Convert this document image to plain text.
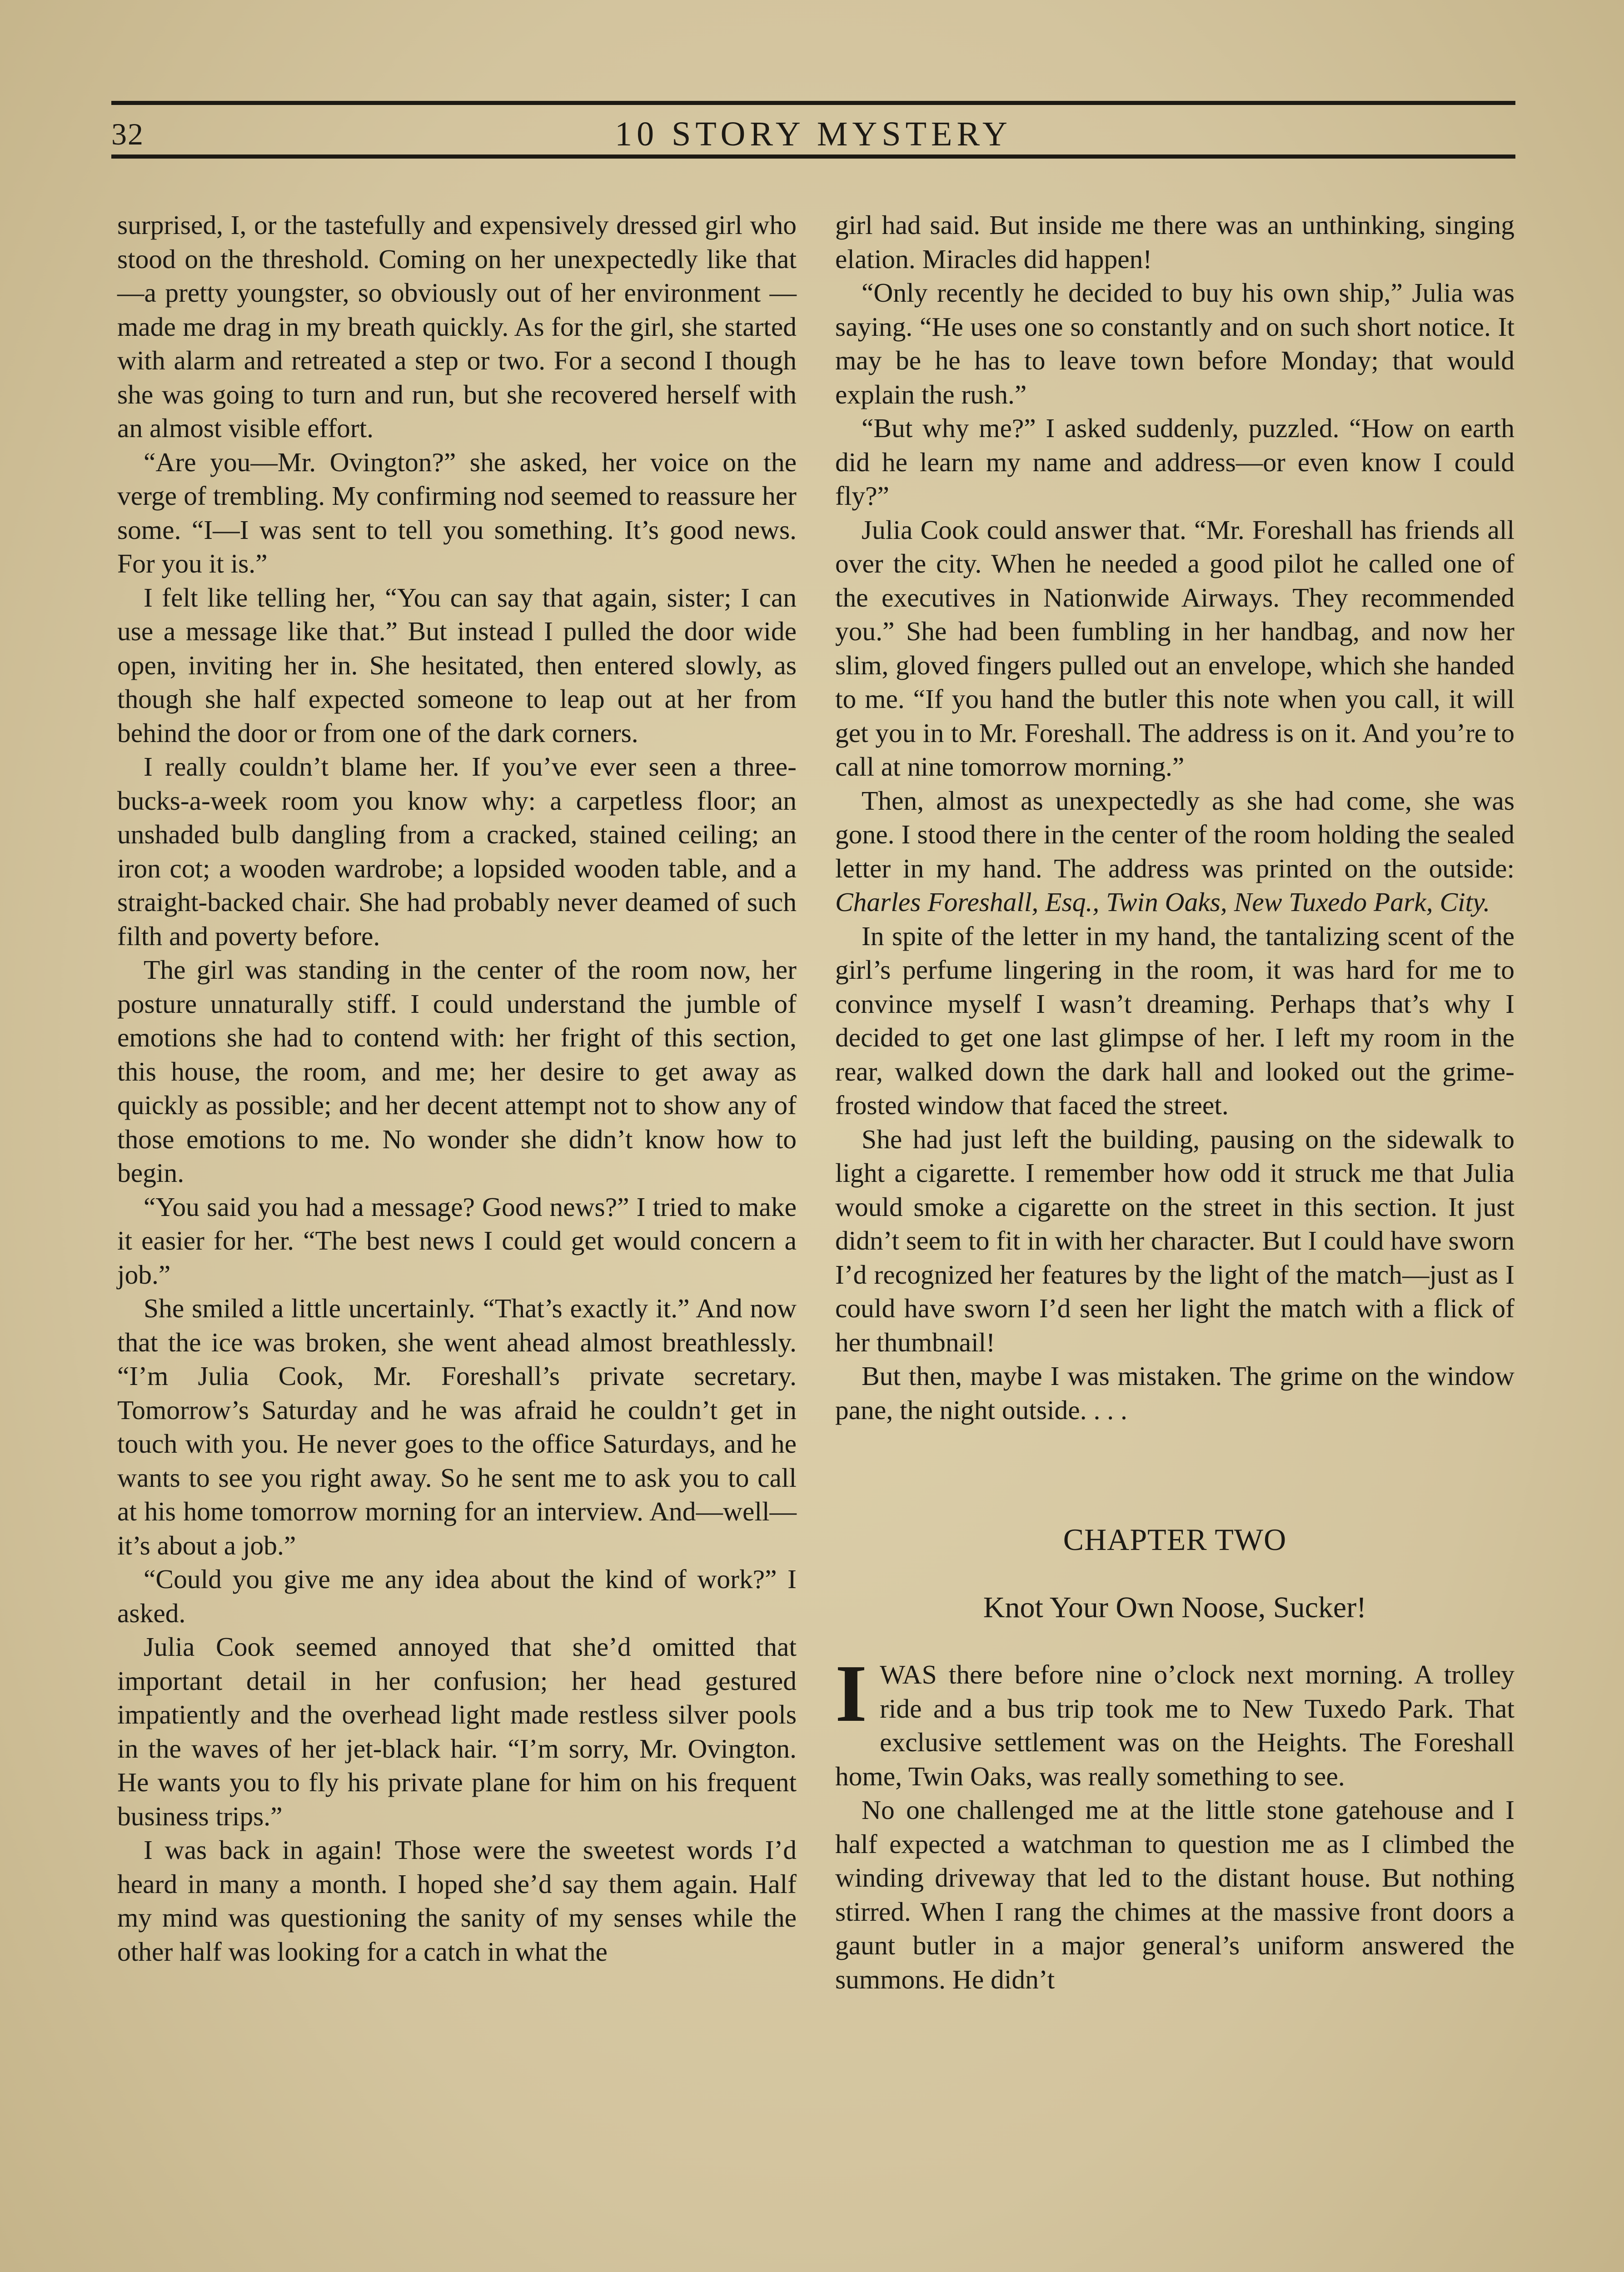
32	10 STORY MYSTERY

surprised, I, or the tastefully and expensively dressed girl who stood on the threshold. Coming on her unexpectedly like that—a pretty youngster, so obviously out of her environment —made me drag in my breath quickly. As for the girl, she started with alarm and retreated a step or two. For a second I though she was going to turn and run, but she recovered herself with an almost visible effort.

“Are you—Mr. Ovington?” she asked, her voice on the verge of trembling. My confirming nod seemed to reassure her some. “I—I was sent to tell you something. It’s good news. For you it is.”

I felt like telling her, “You can say that again, sister; I can use a message like that.” But instead I pulled the door wide open, inviting her in. She hesitated, then entered slowly, as though she half expected someone to leap out at her from behind the door or from one of the dark corners.

I really couldn’t blame her. If you’ve ever seen a three-bucks-a-week room you know why: a carpetless floor; an unshaded bulb dangling from a cracked, stained ceiling; an iron cot; a wooden wardrobe; a lopsided wooden table, and a straight-backed chair. She had probably never deamed of such filth and poverty before.

The girl was standing in the center of the room now, her posture unnaturally stiff. I could understand the jumble of emotions she had to contend with: her fright of this section, this house, the room, and me; her desire to get away as quickly as possible; and her decent attempt not to show any of those emotions to me. No wonder she didn’t know how to begin.

“You said you had a message? Good news?” I tried to make it easier for her. “The best news I could get would concern a job.”

She smiled a little uncertainly. “That’s exactly it.” And now that the ice was broken, she went ahead almost breathlessly. “I’m Julia Cook, Mr. Foreshall’s private secretary. Tomorrow’s Saturday and he was afraid he couldn’t get in touch with you. He never goes to the office Saturdays, and he wants to see you right away. So he sent me to ask you to call at his home tomorrow morning for an interview. And—well—it’s about a job.”

“Could you give me any idea about the kind of work?” I asked.

Julia Cook seemed annoyed that she’d omitted that important detail in her confusion; her head gestured impatiently and the overhead light made restless silver pools in the waves of her jet-black hair. “I’m sorry, Mr. Ovington. He wants you to fly his private plane for him on his frequent business trips.”

I was back in again! Those were the sweetest words I’d heard in many a month. I hoped she’d say them again. Half my mind was questioning the sanity of my senses while the other half was looking for a catch in what the

girl had said. But inside me there was an unthinking, singing elation. Miracles did happen!

“Only recently he decided to buy his own ship,” Julia was saying. “He uses one so constantly and on such short notice. It may be he has to leave town before Monday; that would explain the rush.”

“But why me?” I asked suddenly, puzzled. “How on earth did he learn my name and address—or even know I could fly?”

Julia Cook could answer that. “Mr. Foreshall has friends all over the city. When he needed a good pilot he called one of the executives in Nationwide Airways. They recommended you.” She had been fumbling in her handbag, and now her slim, gloved fingers pulled out an envelope, which she handed to me. “If you hand the butler this note when you call, it will get you in to Mr. Foreshall. The address is on it. And you’re to call at nine tomorrow morning.”

Then, almost as unexpectedly as she had come, she was gone. I stood there in the center of the room holding the sealed letter in my hand. The address was printed on the outside: Charles Foreshall, Esq., Twin Oaks, New Tuxedo Park, City.

In spite of the letter in my hand, the tantalizing scent of the girl’s perfume lingering in the room, it was hard for me to convince myself I wasn’t dreaming. Perhaps that’s why I decided to get one last glimpse of her. I left my room in the rear, walked down the dark hall and looked out the grime-frosted window that faced the street.

She had just left the building, pausing on the sidewalk to light a cigarette. I remember how odd it struck me that Julia would smoke a cigarette on the street in this section. It just didn’t seem to fit in with her character. But I could have sworn I’d recognized her features by the light of the match—just as I could have sworn I’d seen her light the match with a flick of her thumbnail!

But then, maybe I was mistaken. The grime on the window pane, the night outside. . . .

CHAPTER TWO
Knot Your Own Noose, Sucker!

IWAS there before nine o’clock next morning. A trolley ride and a bus trip took me to New Tuxedo Park. That exclusive settlement was on the Heights. The Foreshall home, Twin Oaks, was really something to see.

No one challenged me at the little stone gatehouse and I half expected a watchman to question me as I climbed the winding driveway that led to the distant house. But nothing stirred. When I rang the chimes at the massive front doors a gaunt butler in a major general’s uniform answered the summons. He didn’t
